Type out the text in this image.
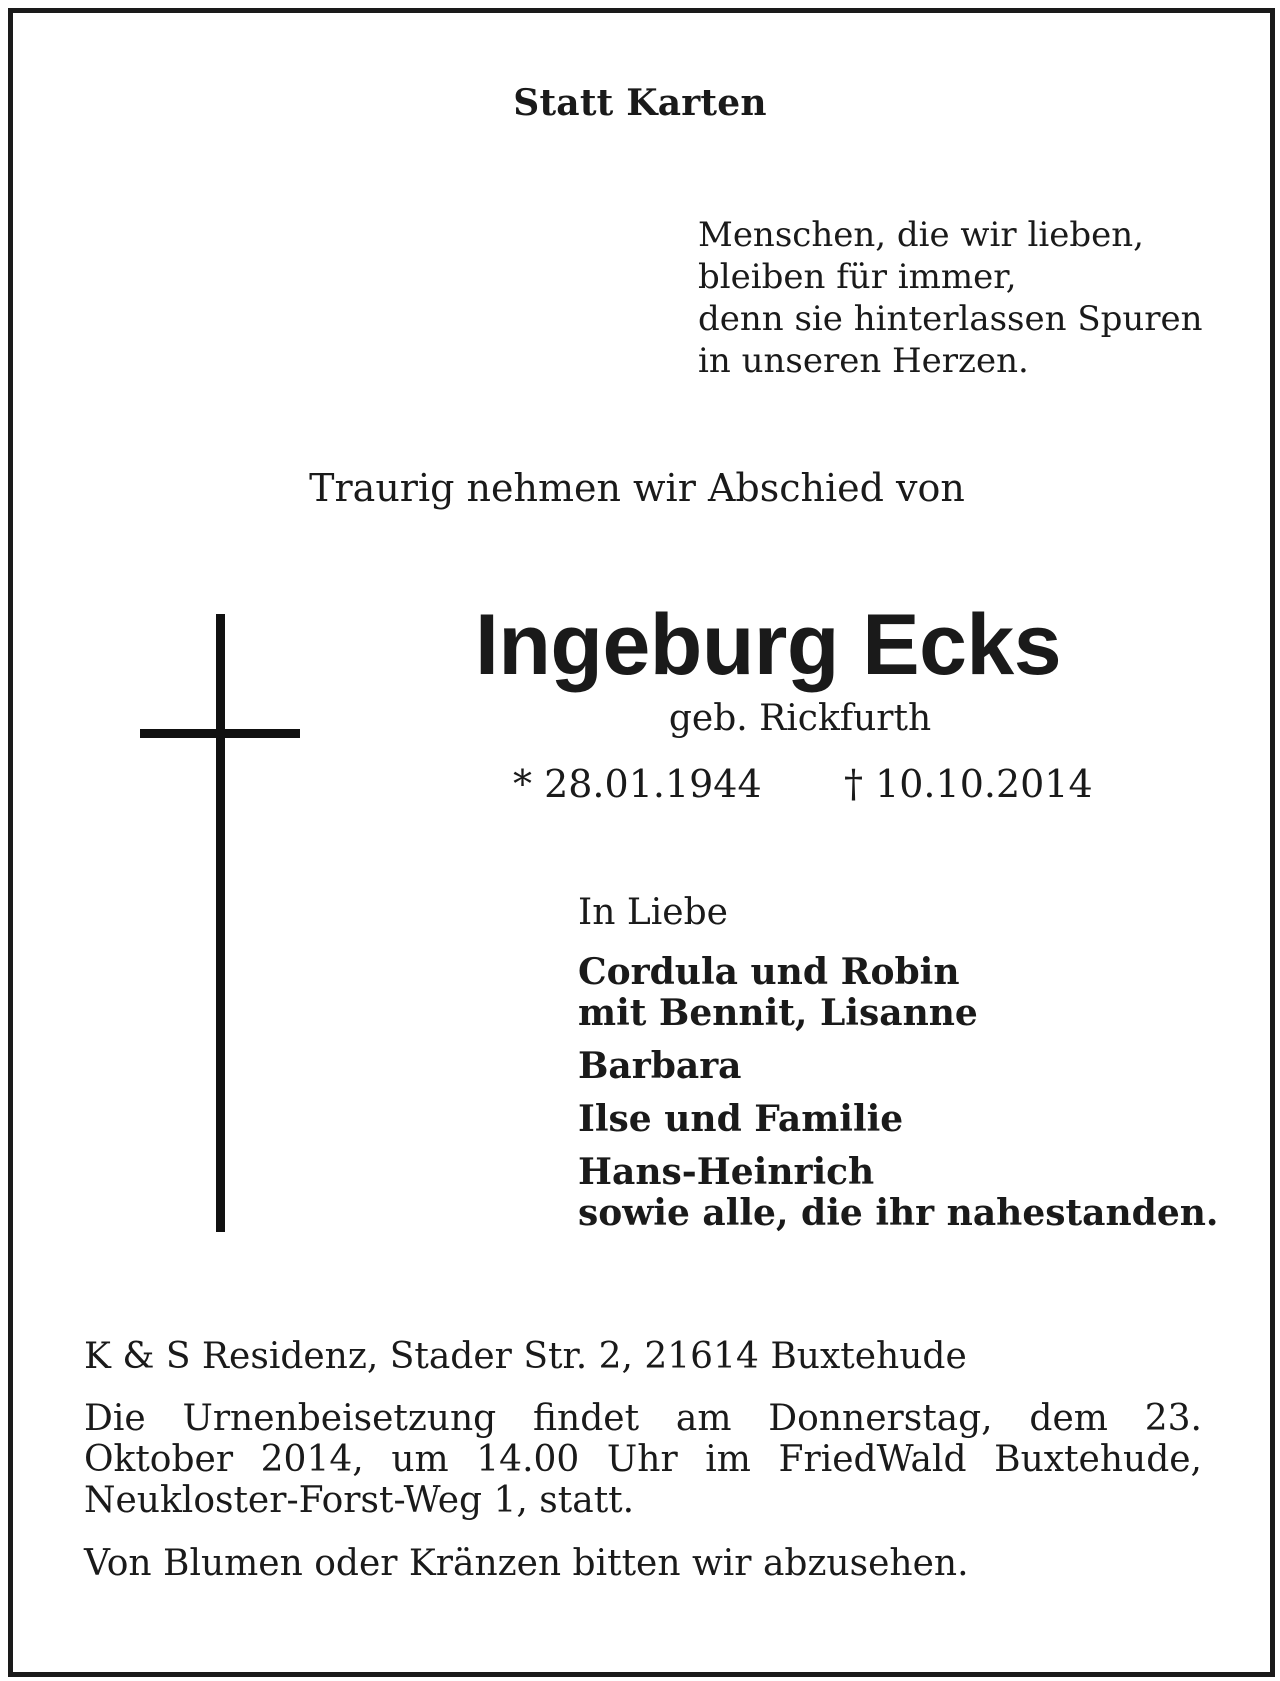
Statt Karten
Menschen, die wir lieben,
bleiben für immer,
denn sie hinterlassen Spuren
in unseren Herzen.
Traurig nehmen wir Abschied von
Ingeburg Ecks
geb. Rickfurth
* 28.01.1944 † 10.10.2014
In Liebe
Cordula und Robin
mit Bennit, Lisanne
Barbara
Ilse und Familie
Hans-Heinrich
sowie alle, die ihr nahestanden.
K & S Residenz, Stader Str. 2, 21614 Buxtehude
Die Urnenbeisetzung findet am Donnerstag, dem 23. Oktober 2014, um 14.00 Uhr im FriedWald Buxtehude, Neukloster-Forst-Weg 1, statt.
Von Blumen oder Kränzen bitten wir abzusehen.
